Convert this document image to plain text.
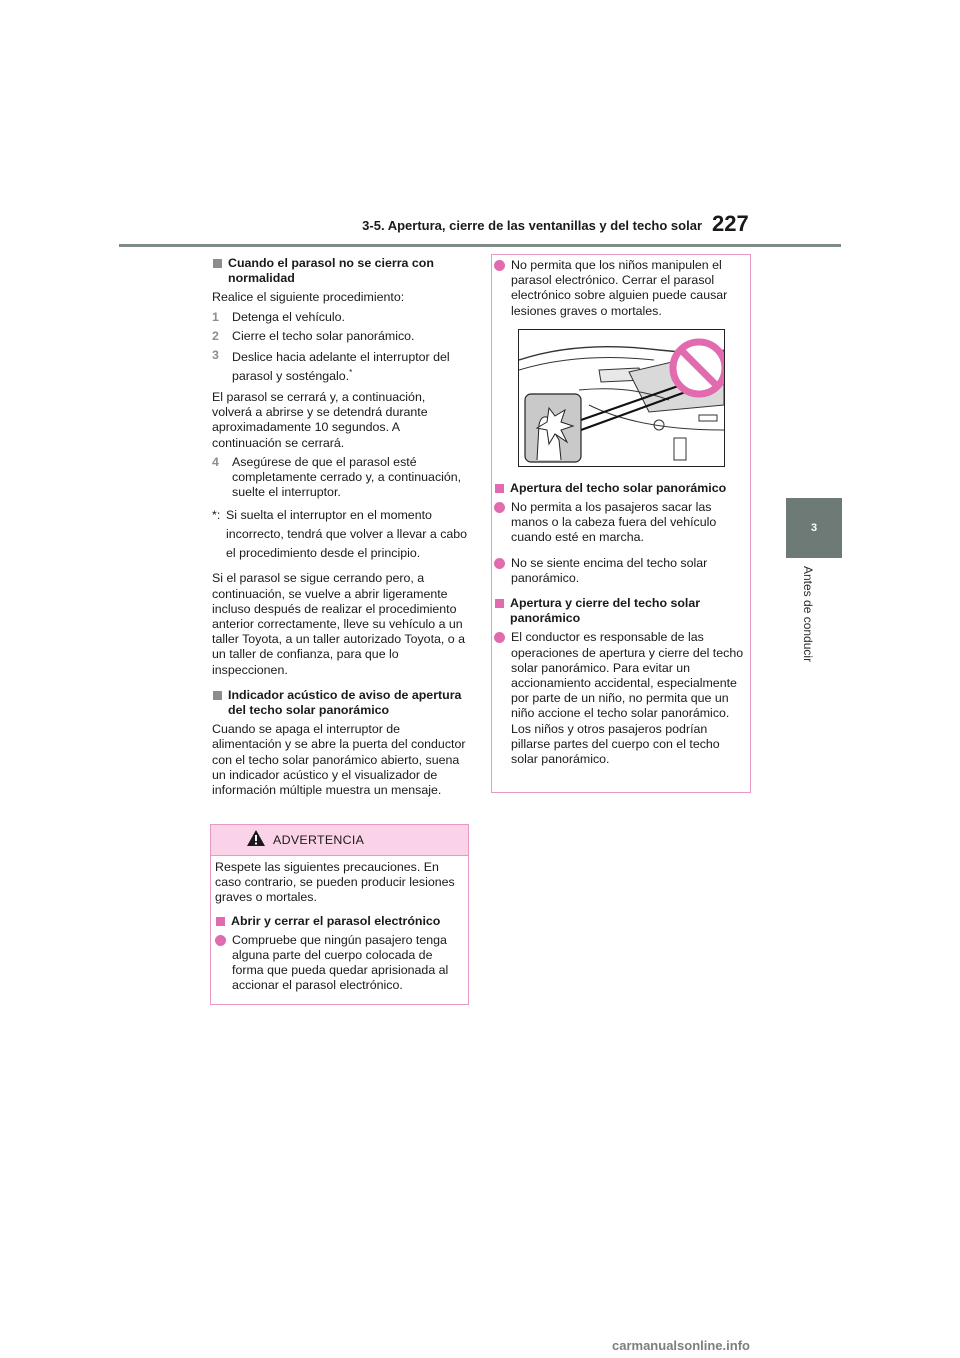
3-5. Apertura, cierre de las ventanillas y del techo solar 227
3
Antes de conducir
Cuando el parasol no se cierra con normalidad
Realice el siguiente procedimiento:
1	Detenga el vehículo.
2	Cierre el techo solar panorámico.
3	Deslice hacia adelante el interruptor del parasol y sosténgalo.*
El parasol se cerrará y, a continuación, volverá a abrirse y se detendrá durante aproximadamente 10 segundos. A continuación se cerrará.
4	Asegúrese de que el parasol esté completamente cerrado y, a continuación, suelte el interruptor.
*: Si suelta el interruptor en el momento incorrecto, tendrá que volver a llevar a cabo el procedimiento desde el principio.
Si el parasol se sigue cerrando pero, a continuación, se vuelve a abrir ligeramente incluso después de realizar el procedimiento anterior correctamente, lleve su vehículo a un taller Toyota, a un taller autorizado Toyota, o a un taller de confianza, para que lo inspeccionen.
Indicador acústico de aviso de apertura del techo solar panorámico
Cuando se apaga el interruptor de alimentación y se abre la puerta del conductor con el techo solar panorámico abierto, suena un indicador acústico y el visualizador de información múltiple muestra un mensaje.
ADVERTENCIA
Respete las siguientes precauciones. En caso contrario, se pueden producir lesiones graves o mortales.
Abrir y cerrar el parasol electrónico
Compruebe que ningún pasajero tenga alguna parte del cuerpo colocada de forma que pueda quedar aprisionada al accionar el parasol electrónico.
No permita que los niños manipulen el parasol electrónico. Cerrar el parasol electrónico sobre alguien puede causar lesiones graves o mortales.
Apertura del techo solar panorámico
No permita a los pasajeros sacar las manos o la cabeza fuera del vehículo cuando esté en marcha.
No se siente encima del techo solar panorámico.
Apertura y cierre del techo solar panorámico
El conductor es responsable de las operaciones de apertura y cierre del techo solar panorámico. Para evitar un accionamiento accidental, especialmente por parte de un niño, no permita que un niño accione el techo solar panorámico. Los niños y otros pasajeros podrían pillarse partes del cuerpo con el techo solar panorámico.
carmanualsonline.info
